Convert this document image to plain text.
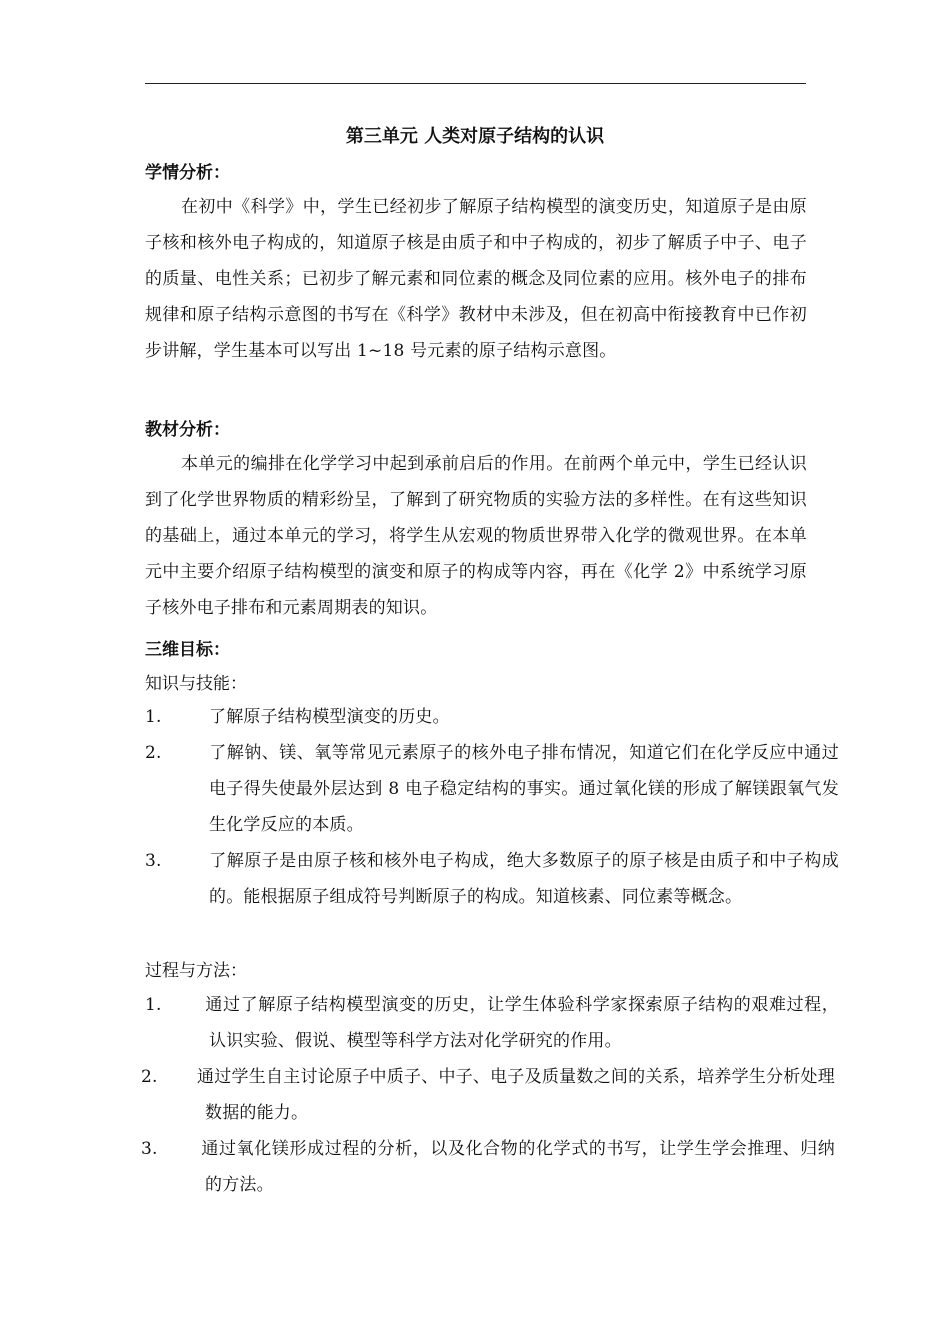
第三单元 人类对原子结构的认识
学情分析：
在初中《科学》中，学生已经初步了解原子结构模型的演变历史，知道原子是由原子核和核外电子构成的，知道原子核是由质子和中子构成的，初步了解质子中子、电子的质量、电性关系；已初步了解元素和同位素的概念及同位素的应用。核外电子的排布规律和原子结构示意图的书写在《科学》教材中未涉及，但在初高中衔接教育中已作初步讲解，学生基本可以写出 1~18 号元素的原子结构示意图。
教材分析：
本单元的编排在化学学习中起到承前启后的作用。在前两个单元中，学生已经认识到了化学世界物质的精彩纷呈，了解到了研究物质的实验方法的多样性。在有这些知识的基础上，通过本单元的学习，将学生从宏观的物质世界带入化学的微观世界。在本单元中主要介绍原子结构模型的演变和原子的构成等内容，再在《化学 2》中系统学习原子核外电子排布和元素周期表的知识。
三维目标：
知识与技能：
1.	了解原子结构模型演变的历史。
2.	了解钠、镁、氧等常见元素原子的核外电子排布情况，知道它们在化学反应中通过电子得失使最外层达到 8 电子稳定结构的事实。通过氧化镁的形成了解镁跟氧气发生化学反应的本质。
3.	了解原子是由原子核和核外电子构成，绝大多数原子的原子核是由质子和中子构成的。能根据原子组成符号判断原子的构成。知道核素、同位素等概念。
过程与方法：
1.	通过了解原子结构模型演变的历史，让学生体验科学家探索原子结构的艰难过程，认识实验、假说、模型等科学方法对化学研究的作用。
2. 通过学生自主讨论原子中质子、中子、电子及质量数之间的关系，培养学生分析处理数据的能力。
3.	通过氧化镁形成过程的分析，以及化合物的化学式的书写，让学生学会推理、归纳的方法。
